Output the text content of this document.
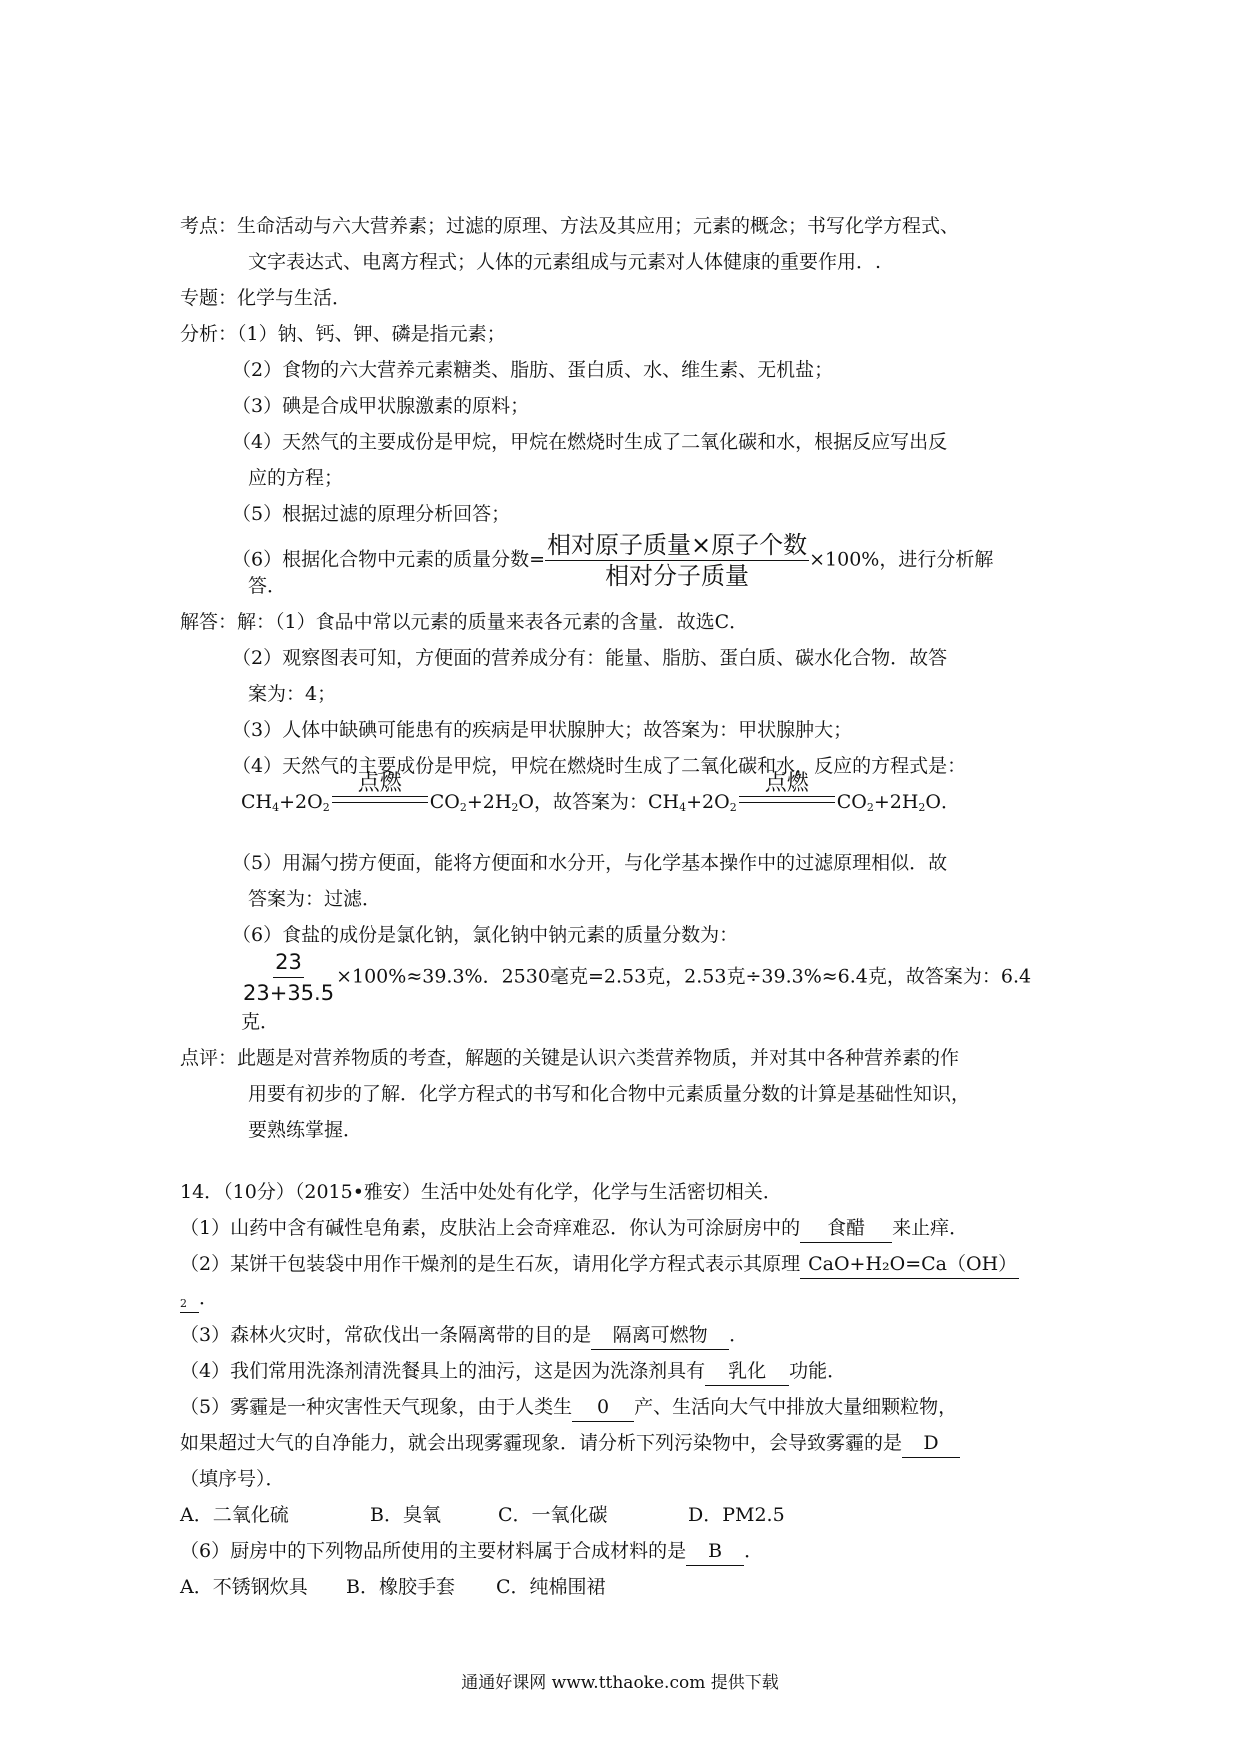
考点：生命活动与六大营养素；过滤的原理、方法及其应用；元素的概念；书写化学方程式、
文字表达式、电离方程式；人体的元素组成与元素对人体健康的重要作用．.
专题：化学与生活．
分析：（1）钠、钙、钾、磷是指元素；
（2）食物的六大营养元素糖类、脂肪、蛋白质、水、维生素、无机盐；
（3）碘是合成甲状腺激素的原料；
（4）天然气的主要成份是甲烷，甲烷在燃烧时生成了二氧化碳和水，根据反应写出反
应的方程；
（5）根据过滤的原理分析回答；
（6）根据化合物中元素的质量分数= $\frac{\text{相对原子质量×原子个数}}{\text{相对分子质量}} \times 100\%$，进行分析解
答．
解答：解：（1）食品中常以元素的质量来表各元素的含量．故选C．
（2）观察图表可知，方便面的营养成分有：能量、脂肪、蛋白质、碳水化合物．故答
案为：4；
（3）人体中缺碘可能患有的疾病是甲状腺肿大；故答案为：甲状腺肿大；
（4）天然气的主要成份是甲烷，甲烷在燃烧时生成了二氧化碳和水，反应的方程式是：
$CH_4+2O_2$
点燃
$CO_2+2H_2O$，故答案为：$CH_4+2O_2$
点燃
$CO_2+2H_2O$．
（5）用漏勺捞方便面，能将方便面和水分开，与化学基本操作中的过滤原理相似．故
答案为：过滤．
（6）食盐的成份是氯化钠，氯化钠中钠元素的质量分数为：
$\frac{23}{23+35.5} \times 100\%\approx 39.3\%$．2530毫克=2.53克，2.53克÷39.3%≈6.4克，故答案为：6.4
克．
点评：此题是对营养物质的考查，解题的关键是认识六类营养物质，并对其中各种营养素的作
用要有初步的了解．化学方程式的书写和化合物中元素质量分数的计算是基础性知识，
要熟练掌握．
14．（10分）（2015•雅安）生活中处处有化学，化学与生活密切相关．
（1）山药中含有碱性皂角素，皮肤沾上会奇痒难忍．你认为可涂厨房中的 食醋 来止痒．
（2）某饼干包装袋中用作干燥剂的是生石灰，请用化学方程式表示其原理 CaO+H₂O=Ca（OH）
$_2$ ．
（3）森林火灾时，常砍伐出一条隔离带的目的是 隔离可燃物 ．
（4）我们常用洗涤剂清洗餐具上的油污，这是因为洗涤剂具有 乳化 功能．
（5）雾霾是一种灾害性天气现象，由于人类生 0 产、生活向大气中排放大量细颗粒物，
如果超过大气的自净能力，就会出现雾霾现象．请分析下列污染物中，会导致雾霾的是 D
（填序号）．
A．二氧化硫	B．臭氧	C．一氧化碳	D．PM2.5
（6）厨房中的下列物品所使用的主要材料属于合成材料的是 B ．
A．不锈钢炊具 B．橡胶手套 C．纯棉围裙
通通好课网 www.tthaoke.com 提供下载
